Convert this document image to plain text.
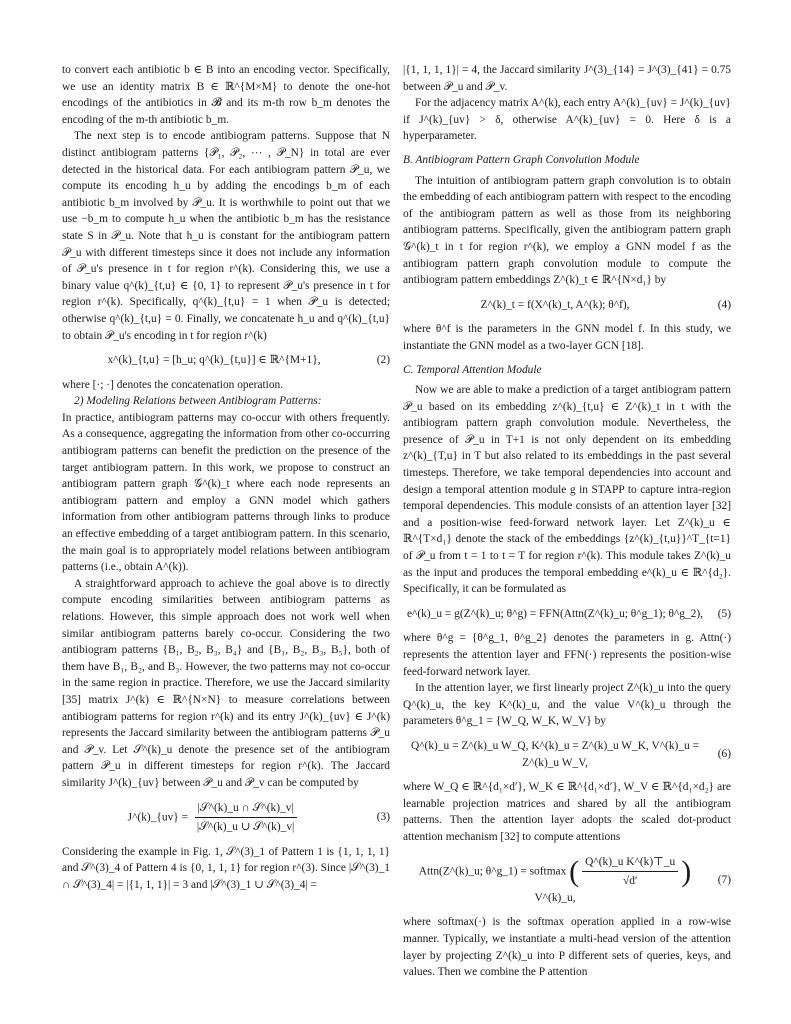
to convert each antibiotic b ∈ B into an encoding vector. Specifically, we use an identity matrix B ∈ ℝ^{M×M} to denote the one-hot encodings of the antibiotics in 𝓑 and its m-th row b_m denotes the encoding of the m-th antibiotic b_m.

The next step is to encode antibiogram patterns. Suppose that N distinct antibiogram patterns {𝒫₁, 𝒫₂, ⋯ , 𝒫_N} in total are ever detected in the historical data. For each antibiogram pattern 𝒫_u, we compute its encoding h_u by adding the encodings b_m of each antibiotic b_m involved by 𝒫_u. It is worthwhile to point out that we use −b_m to compute h_u when the antibiotic b_m has the resistance state S in 𝒫_u. Note that h_u is constant for the antibiogram pattern 𝒫_u with different timesteps since it does not include any information of 𝒫_u's presence in t for region r^(k). Considering this, we use a binary value q^(k)_{t,u} ∈ {0, 1} to represent 𝒫_u's presence in t for region r^(k). Specifically, q^(k)_{t,u} = 1 when 𝒫_u is detected; otherwise q^(k)_{t,u} = 0. Finally, we concatenate h_u and q^(k)_{t,u} to obtain 𝒫_u's encoding in t for region r^(k)

x^(k)_{t,u} = [h_u; q^(k)_{t,u}] ∈ ℝ^{M+1},	(2)

where [·; ·] denotes the concatenation operation.

2) Modeling Relations between Antibiogram Patterns:

In practice, antibiogram patterns may co-occur with others frequently. As a consequence, aggregating the information from other co-occurring antibiogram patterns can benefit the prediction on the presence of the target antibiogram pattern. In this work, we propose to construct an antibiogram pattern graph 𝒢^(k)_t where each node represents an antibiogram pattern and employ a GNN model which gathers information from other antibiogram patterns through links to produce an effective embedding of a target antibiogram pattern. In this scenario, the main goal is to appropriately model relations between antibiogram patterns (i.e., obtain A^(k)).

A straightforward approach to achieve the goal above is to directly compute encoding similarities between antibiogram patterns as relations. However, this simple approach does not work well when similar antibiogram patterns barely co-occur. Considering the two antibiogram patterns {B₁, B₂, B₃, B₄} and {B₁, B₂, B₃, B₅}, both of them have B₁, B₂, and B₃. However, the two patterns may not co-occur in the same region in practice. Therefore, we use the Jaccard similarity [35] matrix J^(k) ∈ ℝ^{N×N} to measure correlations between antibiogram patterns for region r^(k) and its entry J^(k)_{uv} ∈ J^(k) represents the Jaccard similarity between the antibiogram patterns 𝒫_u and 𝒫_v. Let 𝒮^(k)_u denote the presence set of the antibiogram pattern 𝒫_u in different timesteps for region r^(k). The Jaccard similarity J^(k)_{uv} between 𝒫_u and 𝒫_v can be computed by

J^(k)_{uv} = $\frac{\text{|𝒮\textasciicircum{}(k)\_u ∩ 𝒮\textasciicircum{}(k)\_v|}}{\text{|𝒮\textasciicircum{}(k)\_u ∪ 𝒮\textasciicircum{}(k)\_v|}}$	(3)

Considering the example in Fig. 1, 𝒮^(3)_1 of Pattern 1 is {1, 1, 1, 1} and 𝒮^(3)_4 of Pattern 4 is {0, 1, 1, 1} for region r^(3). Since |𝒮^(3)_1 ∩ 𝒮^(3)_4| = |{1, 1, 1}| = 3 and |𝒮^(3)_1 ∪ 𝒮^(3)_4| =

|{1, 1, 1, 1}| = 4, the Jaccard similarity J^(3)_{14} = J^(3)_{41} = 0.75 between 𝒫_u and 𝒫_v.

For the adjacency matrix A^(k), each entry A^(k)_{uv} = J^(k)_{uv} if J^(k)_{uv} > δ, otherwise A^(k)_{uv} = 0. Here δ is a hyperparameter.

B. Antibiogram Pattern Graph Convolution Module

The intuition of antibiogram pattern graph convolution is to obtain the embedding of each antibiogram pattern with respect to the encoding of the antibiogram pattern as well as those from its neighboring antibiogram patterns. Specifically, given the antibiogram pattern graph 𝒢^(k)_t in t for region r^(k), we employ a GNN model f as the antibiogram pattern graph convolution module to compute the antibiogram pattern embeddings Z^(k)_t ∈ ℝ^{N×d₁} by

Z^(k)_t = f(X^(k)_t, A^(k); θ^f),	(4)

where θ^f is the parameters in the GNN model f. In this study, we instantiate the GNN model as a two-layer GCN [18].

C. Temporal Attention Module

Now we are able to make a prediction of a target antibiogram pattern 𝒫_u based on its embedding z^(k)_{t,u} ∈ Z^(k)_t in t with the antibiogram pattern graph convolution module. Nevertheless, the presence of 𝒫_u in T+1 is not only dependent on its embedding z^(k)_{T,u} in T but also related to its embeddings in the past several timesteps. Therefore, we take temporal dependencies into account and design a temporal attention module g in STAPP to capture intra-region temporal dependencies. This module consists of an attention layer [32] and a position-wise feed-forward network layer. Let Z^(k)_u ∈ ℝ^{T×d₁} denote the stack of the embeddings {z^(k)_{t,u}}^T_{t=1} of 𝒫_u from t = 1 to t = T for region r^(k). This module takes Z^(k)_u as the input and produces the temporal embedding e^(k)_u ∈ ℝ^{d₂}. Specifically, it can be formulated as

e^(k)_u = g(Z^(k)_u; θ^g) = FFN(Attn(Z^(k)_u; θ^g_1); θ^g_2),	(5)

where θ^g = {θ^g_1, θ^g_2} denotes the parameters in g. Attn(·) represents the attention layer and FFN(·) represents the position-wise feed-forward network layer.

In the attention layer, we first linearly project Z^(k)_u into the query Q^(k)_u, the key K^(k)_u, and the value V^(k)_u through the parameters θ^g_1 = {W_Q, W_K, W_V} by

Q^(k)_u = Z^(k)_u W_Q, K^(k)_u = Z^(k)_u W_K, V^(k)_u = Z^(k)_u W_V,
(6)

where W_Q ∈ ℝ^{d₁×d′}, W_K ∈ ℝ^{d₁×d′}, W_V ∈ ℝ^{d₁×d₂} are learnable projection matrices and shared by all the antibiogram patterns. Then the attention layer adopts the scaled dot-product attention mechanism [32] to compute attentions

Attn(Z^(k)_u; θ^g_1) = softmax ( $\frac{\text{Q\textasciicircum{}(k)\_u K\textasciicircum{}(k)⊤\_u}}{√d'}$ ) V^(k)_u,
(7)

where softmax(·) is the softmax operation applied in a row-wise manner. Typically, we instantiate a multi-head version of the attention layer by projecting Z^(k)_u into P different sets of queries, keys, and values. Then we combine the P attention
